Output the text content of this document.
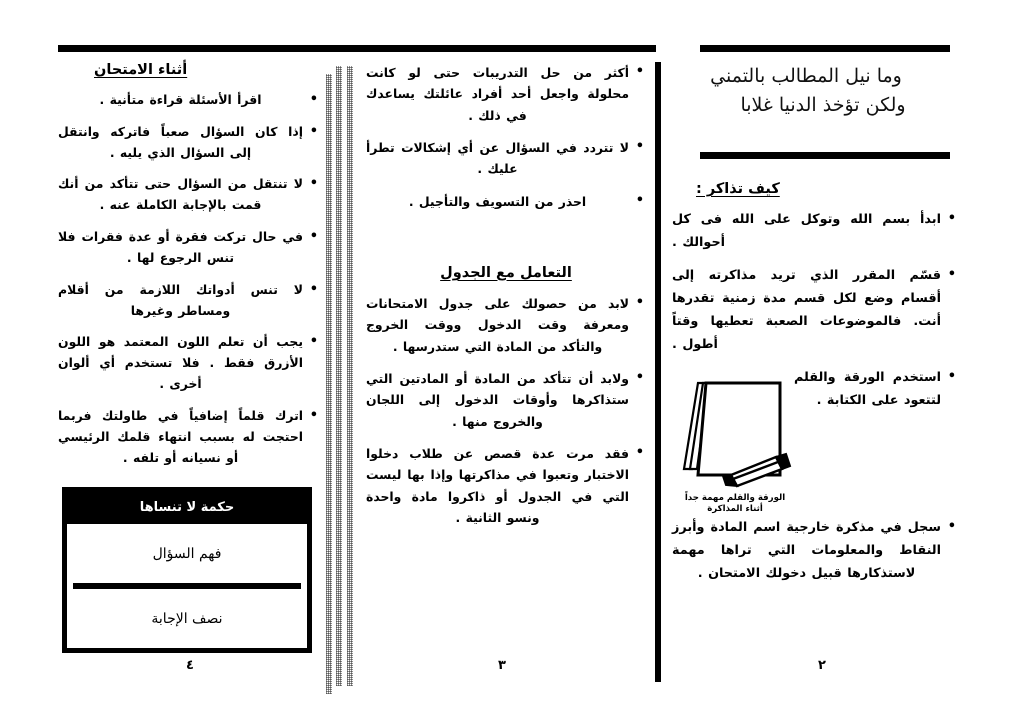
وما نيل المطالب بالتمني
ولكن تؤخذ الدنيا غلابا

كيف تذاكر :
• ابدأ بسم الله وتوكل على الله فى كل أحوالك .
• قسّم المقرر الذي تريد مذاكرته إلى أقسام وضع لكل قسم مدة زمنية تقدرها أنت. فالموضوعات الصعبة تعطيها وقتاً أطول .
الورقة والقلم مهمة جداً
أثناء المذاكرة
• استخدم الورقة والقلم لتتعود على الكتابة .
• سجل في مذكرة خارجية اسم المادة وأبرز النقاط والمعلومات التي تراها مهمة لاستذكارها قبيل دخولك الامتحان .
• أكثر من حل التدريبات حتى لو كانت محلولة واجعل أحد أفراد عائلتك يساعدك في ذلك .
• لا تتردد في السؤال عن أي إشكالات تطرأ عليك .
• احذر من التسويف والتأجيل .
التعامل مع الجدول
• لابد من حصولك على جدول الامتحانات ومعرفة وقت الدخول ووقت الخروج والتأكد من المادة التي ستدرسها .
• ولابد أن تتأكد من المادة أو المادتين التي ستذاكرها وأوقات الدخول إلى اللجان والخروج منها .
• فقد مرت عدة قصص عن طلاب دخلوا الاختبار وتعبوا في مذاكرتها وإذا بها ليست التي في الجدول أو ذاكروا مادة واحدة ونسو الثانية .
أثناء الامتحان
• اقرأ الأسئلة قراءة متأنية .
• إذا كان السؤال صعباً فاتركه وانتقل إلى السؤال الذي يليه .
• لا تنتقل من السؤال حتى تتأكد من أنك قمت بالإجابة الكاملة عنه .
• في حال تركت فقرة أو عدة فقرات فلا تنس الرجوع لها .
• لا تنس أدواتك اللازمة من أقلام ومساطر وغيرها
• يجب أن تعلم اللون المعتمد هو اللون الأزرق فقط . فلا تستخدم أي ألوان أخرى .
• اترك قلماً إضافياً في طاولتك فربما احتجت له بسبب انتهاء قلمك الرئيسي أو نسيانه أو تلفه .
حكمة لا تنساها
فهم السؤال
نصف الإجابة
٤	٣	٢
